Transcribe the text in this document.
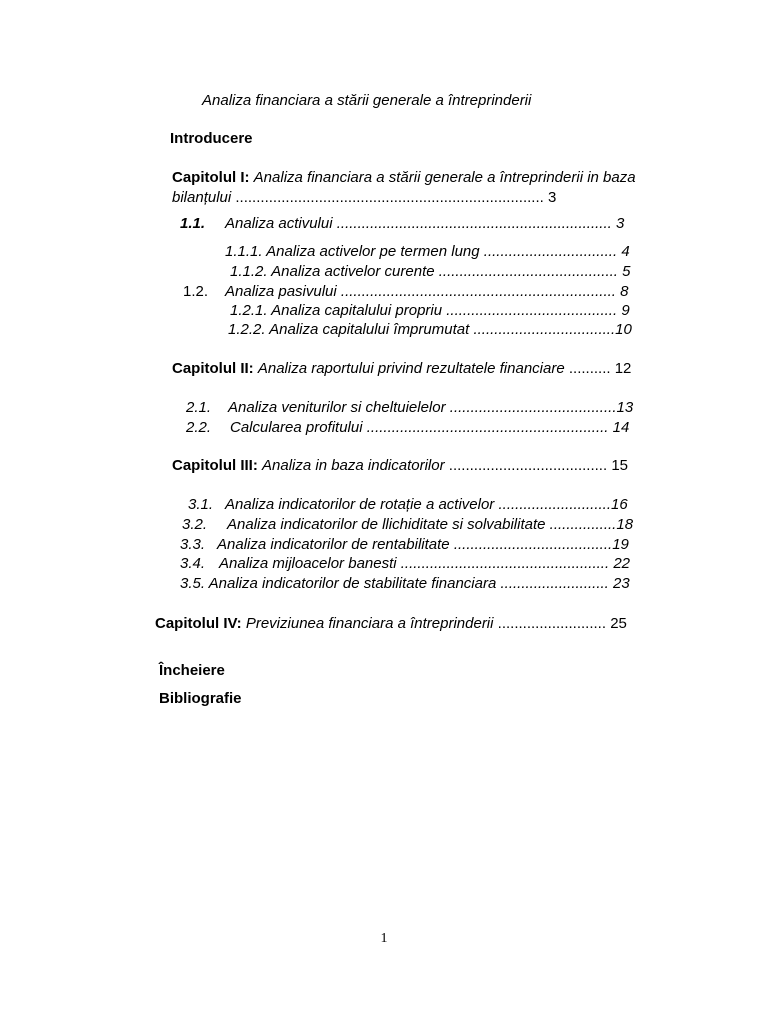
Analiza financiara a stării generale a întreprinderii
Introducere
Capitolul I: Analiza financiara a stării generale a întreprinderii in baza
bilanțului .......................................................................... 3
1.1. Analiza activului .................................................................. 3
1.1.1. Analiza activelor pe termen lung ................................ 4
1.1.2. Analiza activelor curente ........................................... 5
1.2. Analiza pasivului .................................................................. 8
1.2.1. Analiza capitalului propriu ......................................... 9
1.2.2. Analiza capitalului împrumutat ..................................10
Capitolul II: Analiza raportului privind rezultatele financiare .......... 12
2.1. Analiza veniturilor si cheltuielelor ........................................13
2.2. Calcularea profitului .......................................................... 14
Capitolul III: Analiza in baza indicatorilor ...................................... 15
3.1. Analiza indicatorilor de rotație a activelor ...........................16
3.2. Analiza indicatorilor de llichiditate si solvabilitate ................18
3.3. Analiza indicatorilor de rentabilitate ......................................19
3.4. Analiza mijloacelor banesti .................................................. 22
3.5. Analiza indicatorilor de stabilitate financiara .......................... 23
Capitolul IV: Previziunea financiara a întreprinderii .......................... 25
Încheiere
Bibliografie
1
